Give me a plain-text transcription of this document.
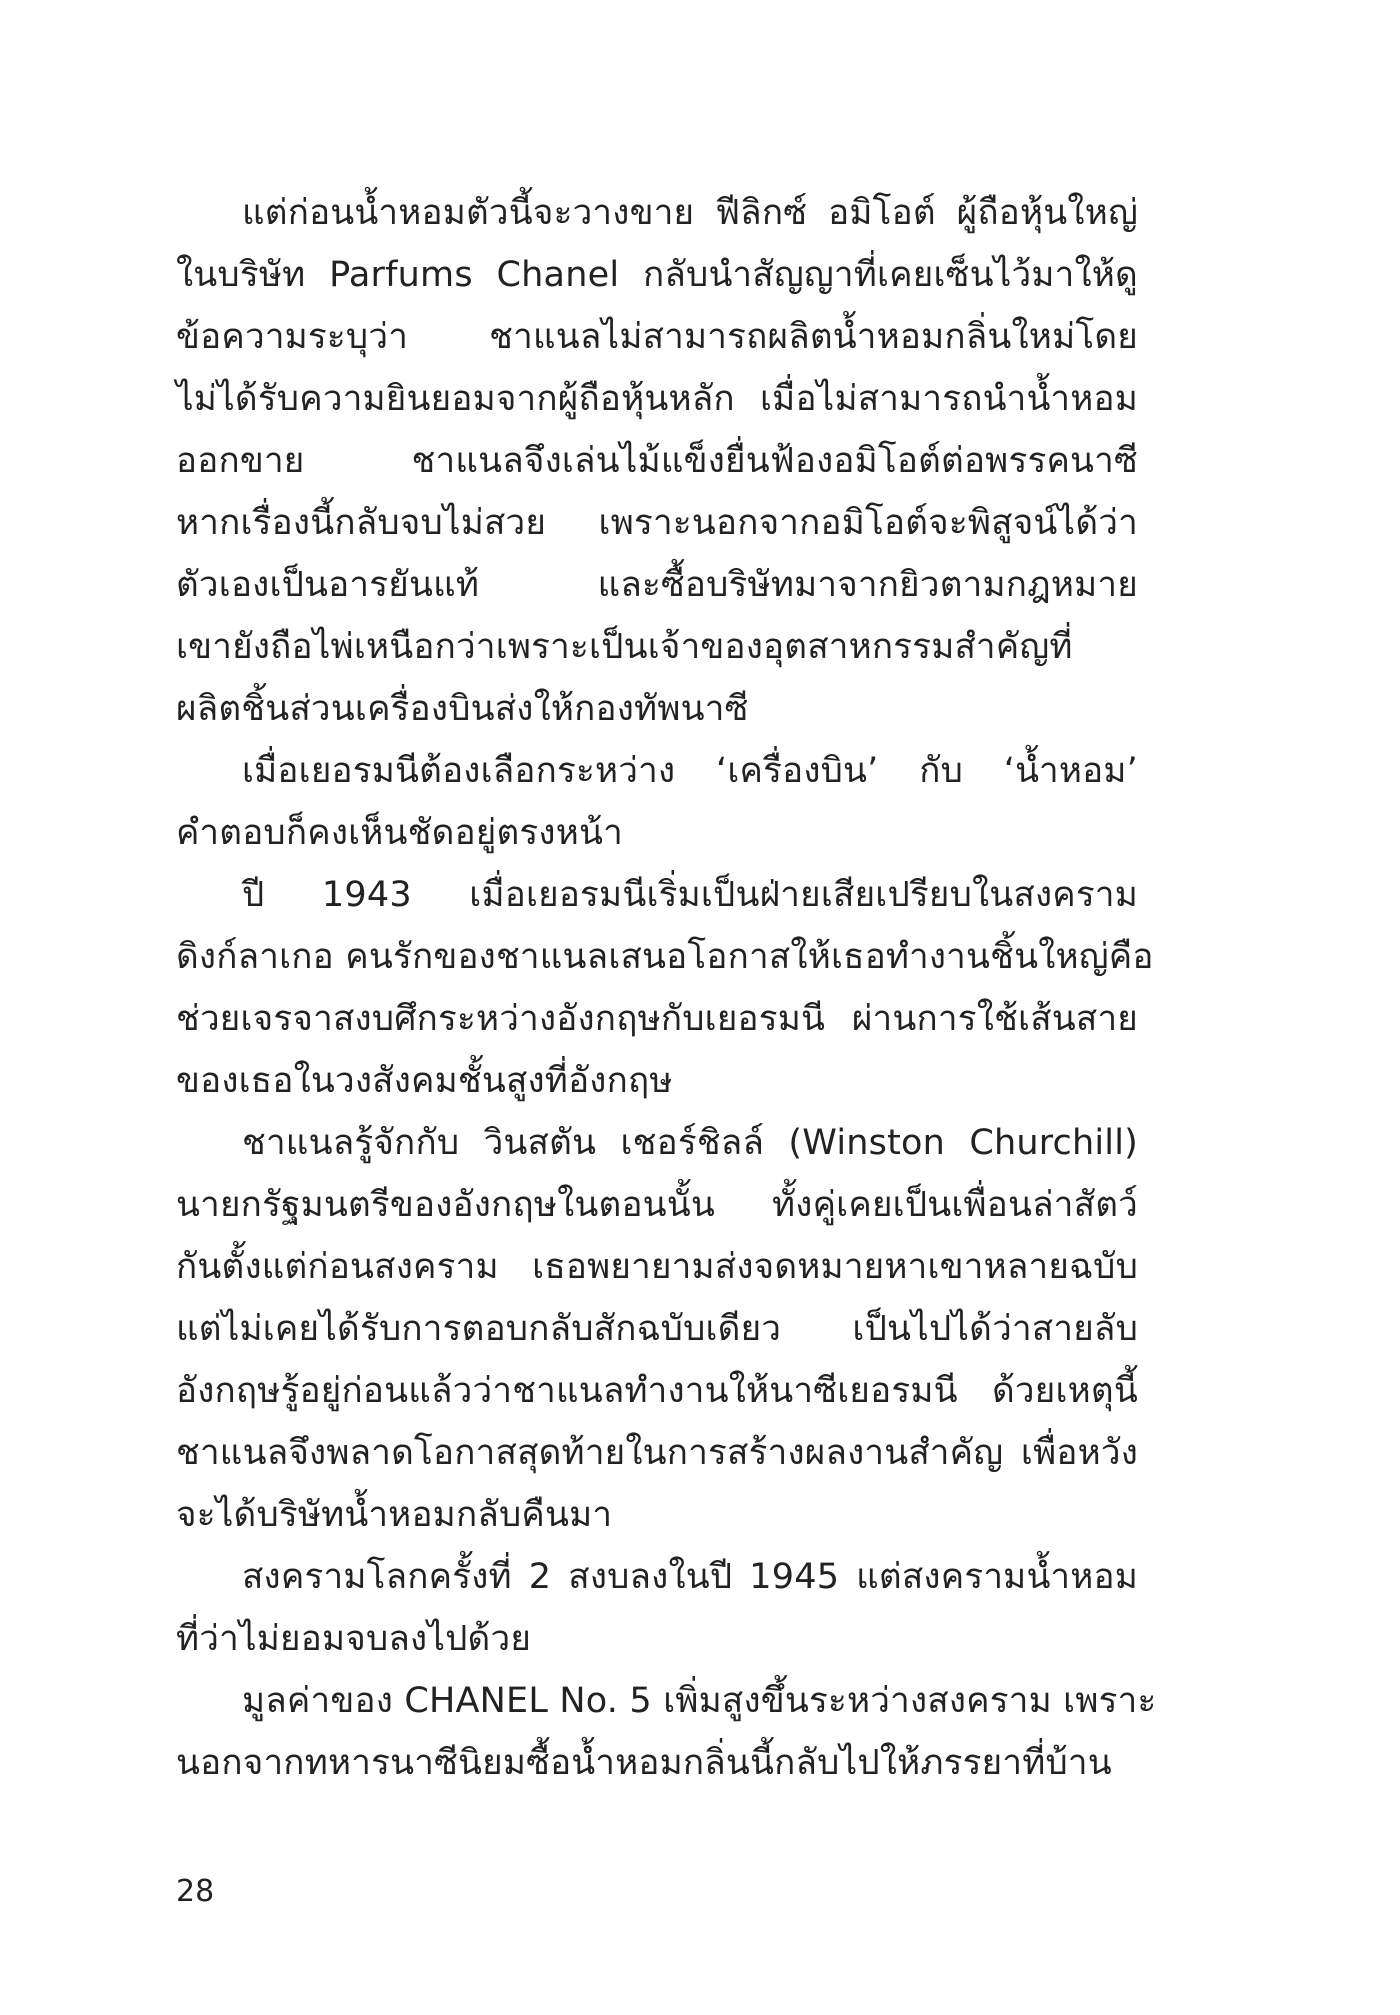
แต่ก่อนน้ำหอมตัวนี้จะวางขาย ฟีลิกซ์ อมิโอต์ ผู้ถือหุ้นใหญ่
ในบริษัท Parfums Chanel กลับนำสัญญาที่เคยเซ็นไว้มาให้ดู
ข้อความระบุว่า ชาแนลไม่สามารถผลิตน้ำหอมกลิ่นใหม่โดย
ไม่ได้รับความยินยอมจากผู้ถือหุ้นหลัก เมื่อไม่สามารถนำน้ำหอม
ออกขาย ชาแนลจึงเล่นไม้แข็งยื่นฟ้องอมิโอต์ต่อพรรคนาซี
หากเรื่องนี้กลับจบไม่สวย เพราะนอกจากอมิโอต์จะพิสูจน์ได้ว่า
ตัวเองเป็นอารยันแท้ และซื้อบริษัทมาจากยิวตามกฎหมาย
เขายังถือไพ่เหนือกว่าเพราะเป็นเจ้าของอุตสาหกรรมสำคัญที่
ผลิตชิ้นส่วนเครื่องบินส่งให้กองทัพนาซี
เมื่อเยอรมนีต้องเลือกระหว่าง ‘เครื่องบิน’ กับ ‘น้ำหอม’
คำตอบก็คงเห็นชัดอยู่ตรงหน้า
ปี 1943 เมื่อเยอรมนีเริ่มเป็นฝ่ายเสียเปรียบในสงคราม
ดิงก์ลาเกอ คนรักของชาแนลเสนอโอกาสให้เธอทำงานชิ้นใหญ่คือ
ช่วยเจรจาสงบศึกระหว่างอังกฤษกับเยอรมนี ผ่านการใช้เส้นสาย
ของเธอในวงสังคมชั้นสูงที่อังกฤษ
ชาแนลรู้จักกับ วินสตัน เชอร์ชิลล์ (Winston Churchill)
นายกรัฐมนตรีของอังกฤษในตอนนั้น ทั้งคู่เคยเป็นเพื่อนล่าสัตว์
กันตั้งแต่ก่อนสงคราม เธอพยายามส่งจดหมายหาเขาหลายฉบับ
แต่ไม่เคยได้รับการตอบกลับสักฉบับเดียว เป็นไปได้ว่าสายลับ
อังกฤษรู้อยู่ก่อนแล้วว่าชาแนลทำงานให้นาซีเยอรมนี ด้วยเหตุนี้
ชาแนลจึงพลาดโอกาสสุดท้ายในการสร้างผลงานสำคัญ เพื่อหวัง
จะได้บริษัทน้ำหอมกลับคืนมา
สงครามโลกครั้งที่ 2 สงบลงในปี 1945 แต่สงครามน้ำหอม
ที่ว่าไม่ยอมจบลงไปด้วย
มูลค่าของ CHANEL No. 5 เพิ่มสูงขึ้นระหว่างสงคราม เพราะ
นอกจากทหารนาซีนิยมซื้อน้ำหอมกลิ่นนี้กลับไปให้ภรรยาที่บ้าน
28
